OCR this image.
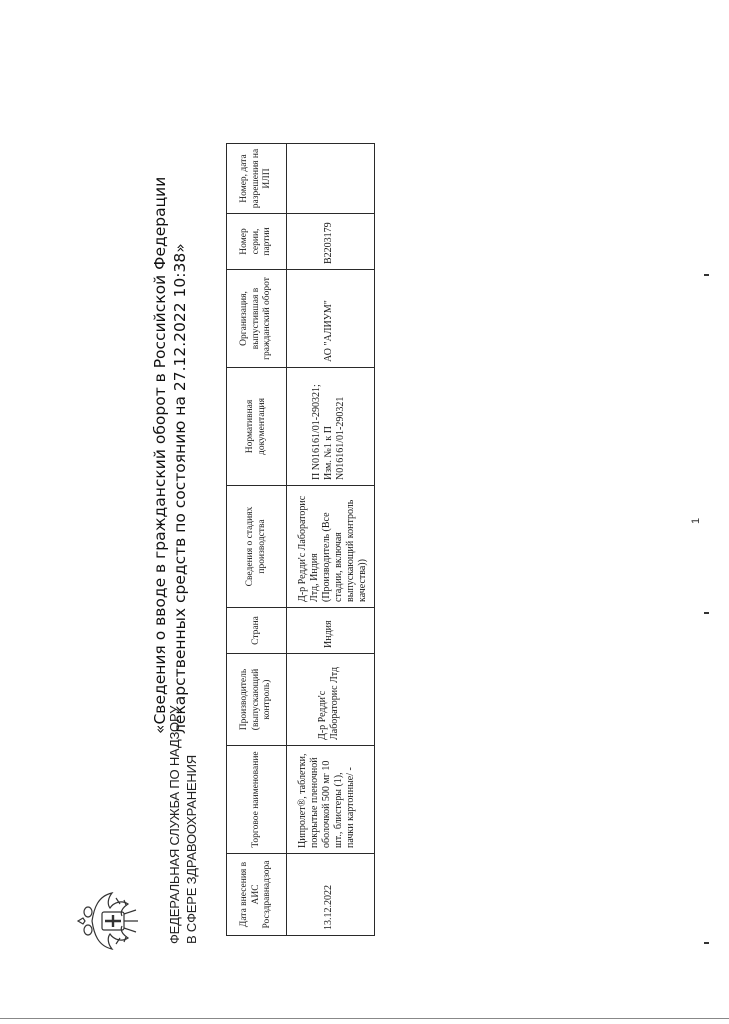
ФЕДЕРАЛЬНАЯ СЛУЖБА ПО НАДЗОРУ В СФЕРЕ ЗДРАВООХРАНЕНИЯ
«Сведения о вводе в гражданский оборот в Российской Федерации лекарственных средств по состоянию на 27.12.2022 10:38»
Дата внесения в АИС Росздравнадзора	Торговое наименование	Производитель (выпускающий контроль)	Страна	Сведения о стадиях производства	Нормативная документация	Организация, выпустившая в гражданский оборот	Номер серии, партии	Номер, дата разрешения на ИЛП
13.12.2022	Ципролет®, таблетки, покрытые пленочной оболочкой 500 мг 10 шт., блистеры (1), пачки картонные/ -	Д-р Редди'с Лабораторис Лтд	Индия	Д-р Редди'с Лабораторис Лтд, Индия (Производитель (Все стадии, включая выпускающий контроль качества))	П N016161/01-290321; Изм. №1 к П N016161/01-290321	АО "АЛИУМ"	B2203179	
1
